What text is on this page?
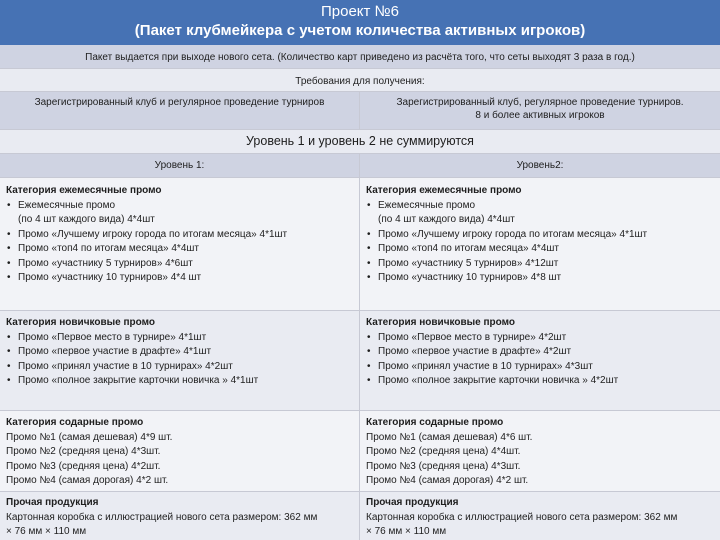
Проект №6
(Пакет клубмейкера с учетом количества активных игроков)
Пакет выдается при выходе нового сета. (Количество карт приведено из расчёта того, что сеты выходят 3 раза в год.)
Требования для получения:
Зарегистрированный клуб и регулярное проведение турниров	Зарегистрированный клуб, регулярное проведение турниров.
8 и более активных игроков
Уровень 1 и уровень 2 не суммируются
Уровень 1:	Уровень2:
Категория ежемесячные промо
• Ежемесячные промо
(по 4 шт каждого вида) 4*4шт
• Промо «Лучшему игроку города по итогам месяца» 4*1шт
• Промо «топ4 по итогам месяца» 4*4шт
• Промо «участнику 5 турниров» 4*6шт
• Промо «участнику 10 турниров» 4*4 шт
Категория ежемесячные промо
• Ежемесячные промо
(по 4 шт каждого вида) 4*4шт
• Промо «Лучшему игроку города по итогам месяца» 4*1шт
• Промо «топ4 по итогам месяца» 4*4шт
• Промо «участнику 5 турниров» 4*12шт
• Промо «участнику 10 турниров» 4*8 шт
Категория новичковые промо
• Промо «Первое место в турнире» 4*1шт
• Промо «первое участие в драфте» 4*1шт
• Промо «принял участие в 10 турнирах» 4*2шт
• Промо «полное закрытие карточки новичка » 4*1шт
Категория новичковые промо
• Промо «Первое место в турнире» 4*2шт
• Промо «первое участие в драфте» 4*2шт
• Промо «принял участие в 10 турнирах» 4*3шт
• Промо «полное закрытие карточки новичка » 4*2шт
Категория содарные промо
Промо №1 (самая дешевая) 4*9 шт.
Промо №2 (средняя цена) 4*3шт.
Промо №3 (средняя цена) 4*2шт.
Промо №4 (самая дорогая) 4*2 шт.
Категория содарные промо
Промо №1 (самая дешевая) 4*6 шт.
Промо №2 (средняя цена) 4*4шт.
Промо №3 (средняя цена) 4*3шт.
Промо №4 (самая дорогая) 4*2 шт.
Прочая продукция
Картонная коробка с иллюстрацией нового сета размером: 362 мм
× 76 мм × 110 мм
Прочая продукция
Картонная коробка с иллюстрацией нового сета размером: 362 мм
× 76 мм × 110 мм
